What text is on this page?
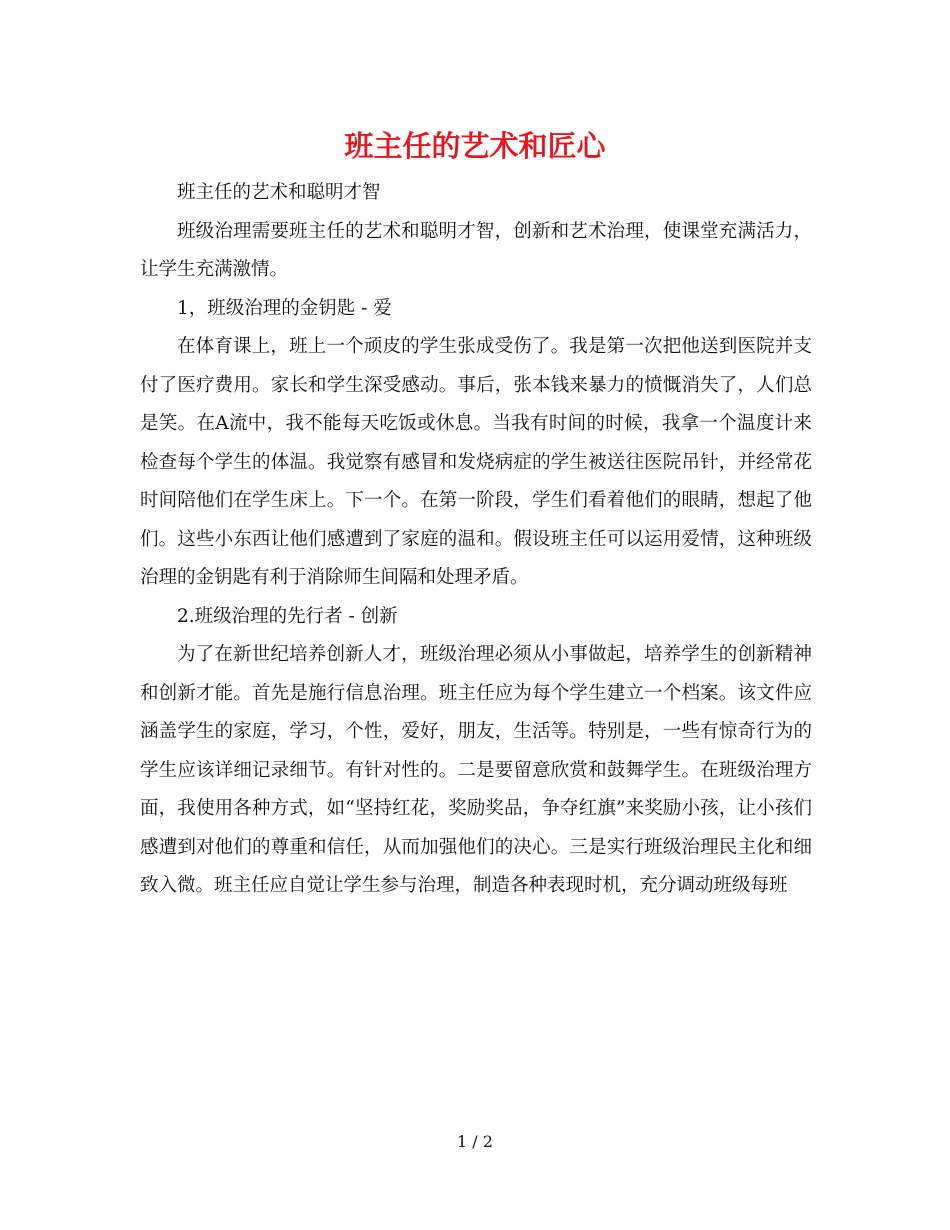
班主任的艺术和匠心

班主任的艺术和聪明才智

班级治理需要班主任的艺术和聪明才智，创新和艺术治理，使课堂充满活力，让学生充满激情。

1，班级治理的金钥匙 - 爱

在体育课上，班上一个顽皮的学生张成受伤了。我是第一次把他送到医院并支付了医疗费用。家长和学生深受感动。事后，张本钱来暴力的愤慨消失了，人们总是笑。在A流中，我不能每天吃饭或休息。当我有时间的时候，我拿一个温度计来检查每个学生的体温。我觉察有感冒和发烧病症的学生被送往医院吊针，并经常花时间陪他们在学生床上。下一个。在第一阶段，学生们看着他们的眼睛，想起了他们。这些小东西让他们感遭到了家庭的温和。假设班主任可以运用爱情，这种班级治理的金钥匙有利于消除师生间隔和处理矛盾。

2.班级治理的先行者 - 创新

为了在新世纪培养创新人才，班级治理必须从小事做起，培养学生的创新精神和创新才能。首先是施行信息治理。班主任应为每个学生建立一个档案。该文件应涵盖学生的家庭，学习，个性，爱好，朋友，生活等。特别是，一些有惊奇行为的学生应该详细记录细节。有针对性的。二是要留意欣赏和鼓舞学生。在班级治理方面，我使用各种方式，如“坚持红花，奖励奖品，争夺红旗”来奖励小孩，让小孩们感遭到对他们的尊重和信任，从而加强他们的决心。三是实行班级治理民主化和细致入微。班主任应自觉让学生参与治理，制造各种表现时机，充分调动班级每班

1 / 2
